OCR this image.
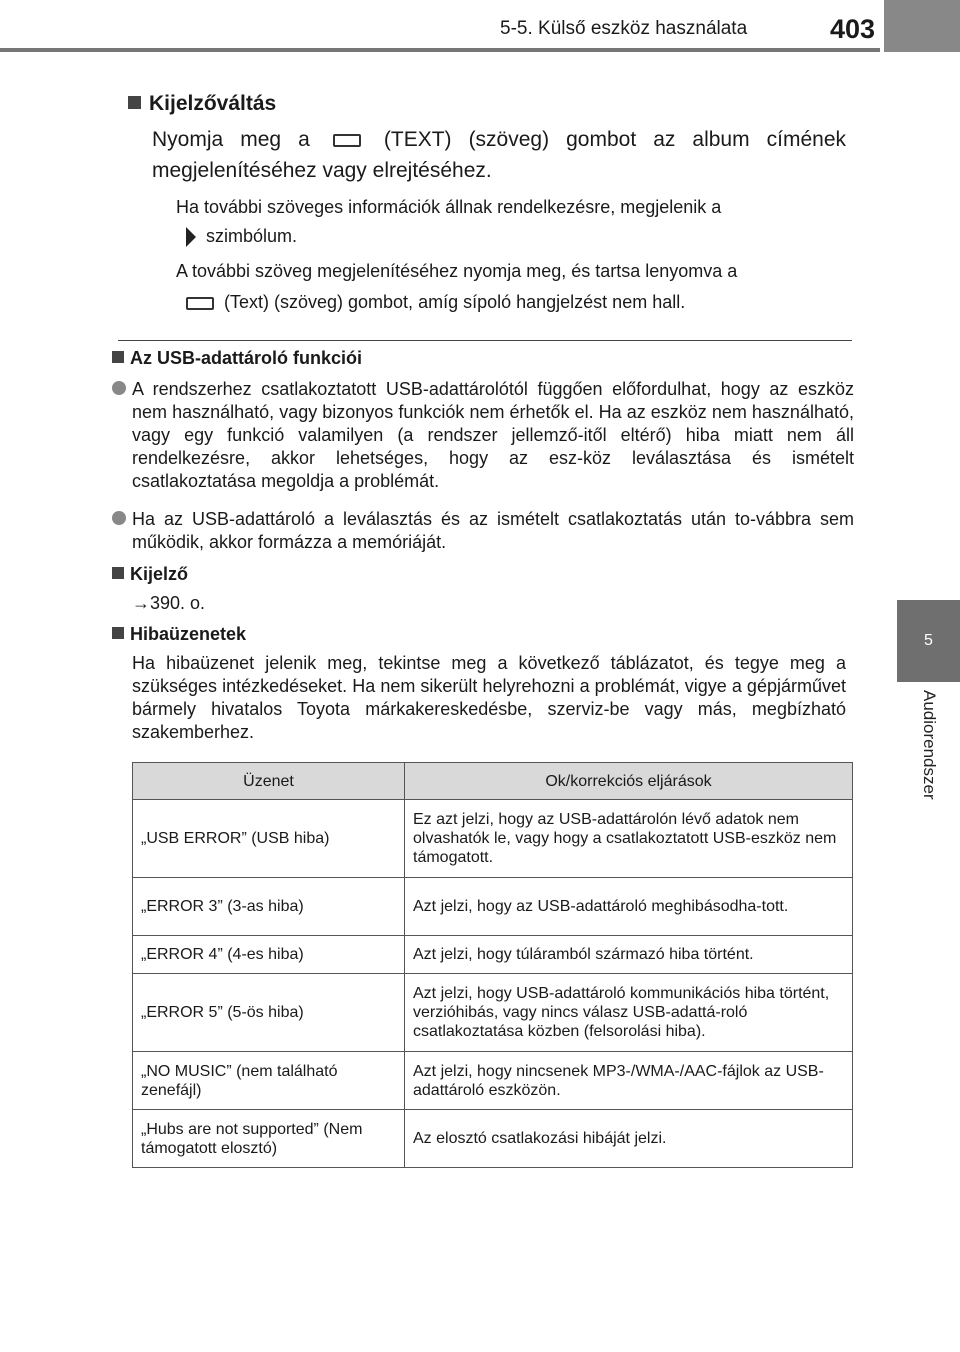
5-5. Külső eszköz használata	403
5
Audiorendszer
Kijelzőváltás
Nyomja meg a	(TEXT) (szöveg) gombot az album címének megjelenítéséhez vagy elrejtéséhez.
Ha további szöveges információk állnak rendelkezésre, megjelenik a
szimbólum.
A további szöveg megjelenítéséhez nyomja meg, és tartsa lenyomva a
(Text) (szöveg) gombot, amíg sípoló hangjelzést nem hall.
Az USB-adattároló funkciói
A rendszerhez csatlakoztatott USB-adattárolótól függően előfordulhat, hogy az eszköz nem használható, vagy bizonyos funkciók nem érhetők el. Ha az eszköz nem használható, vagy egy funkció valamilyen (a rendszer jellemző-itől eltérő) hiba miatt nem áll rendelkezésre, akkor lehetséges, hogy az esz-köz leválasztása és ismételt csatlakoztatása megoldja a problémát.
Ha az USB-adattároló a leválasztás és az ismételt csatlakoztatás után to-vábbra sem működik, akkor formázza a memóriáját.
Kijelző
→390. o.
Hibaüzenetek
Ha hibaüzenet jelenik meg, tekintse meg a következő táblázatot, és tegye meg a szükséges intézkedéseket. Ha nem sikerült helyrehozni a problémát, vigye a gépjárművet bármely hivatalos Toyota márkakereskedésbe, szerviz-be vagy más, megbízható szakemberhez.
Üzenet	Ok/korrekciós eljárások
„USB ERROR” (USB hiba)	Ez azt jelzi, hogy az USB-adattárolón lévő adatok nem olvashatók le, vagy hogy a csatlakoztatott USB-eszköz nem támogatott.
„ERROR 3” (3-as hiba)	Azt jelzi, hogy az USB-adattároló meghibásodha-tott.
„ERROR 4” (4-es hiba)	Azt jelzi, hogy túláramból származó hiba történt.
„ERROR 5” (5-ös hiba)	Azt jelzi, hogy USB-adattároló kommunikációs hiba történt, verzióhibás, vagy nincs válasz USB-adattá-roló csatlakoztatása közben (felsorolási hiba).
„NO MUSIC” (nem található zenefájl)	Azt jelzi, hogy nincsenek MP3-/WMA-/AAC-fájlok az USB-adattároló eszközön.
„Hubs are not supported” (Nem támogatott elosztó)	Az elosztó csatlakozási hibáját jelzi.
